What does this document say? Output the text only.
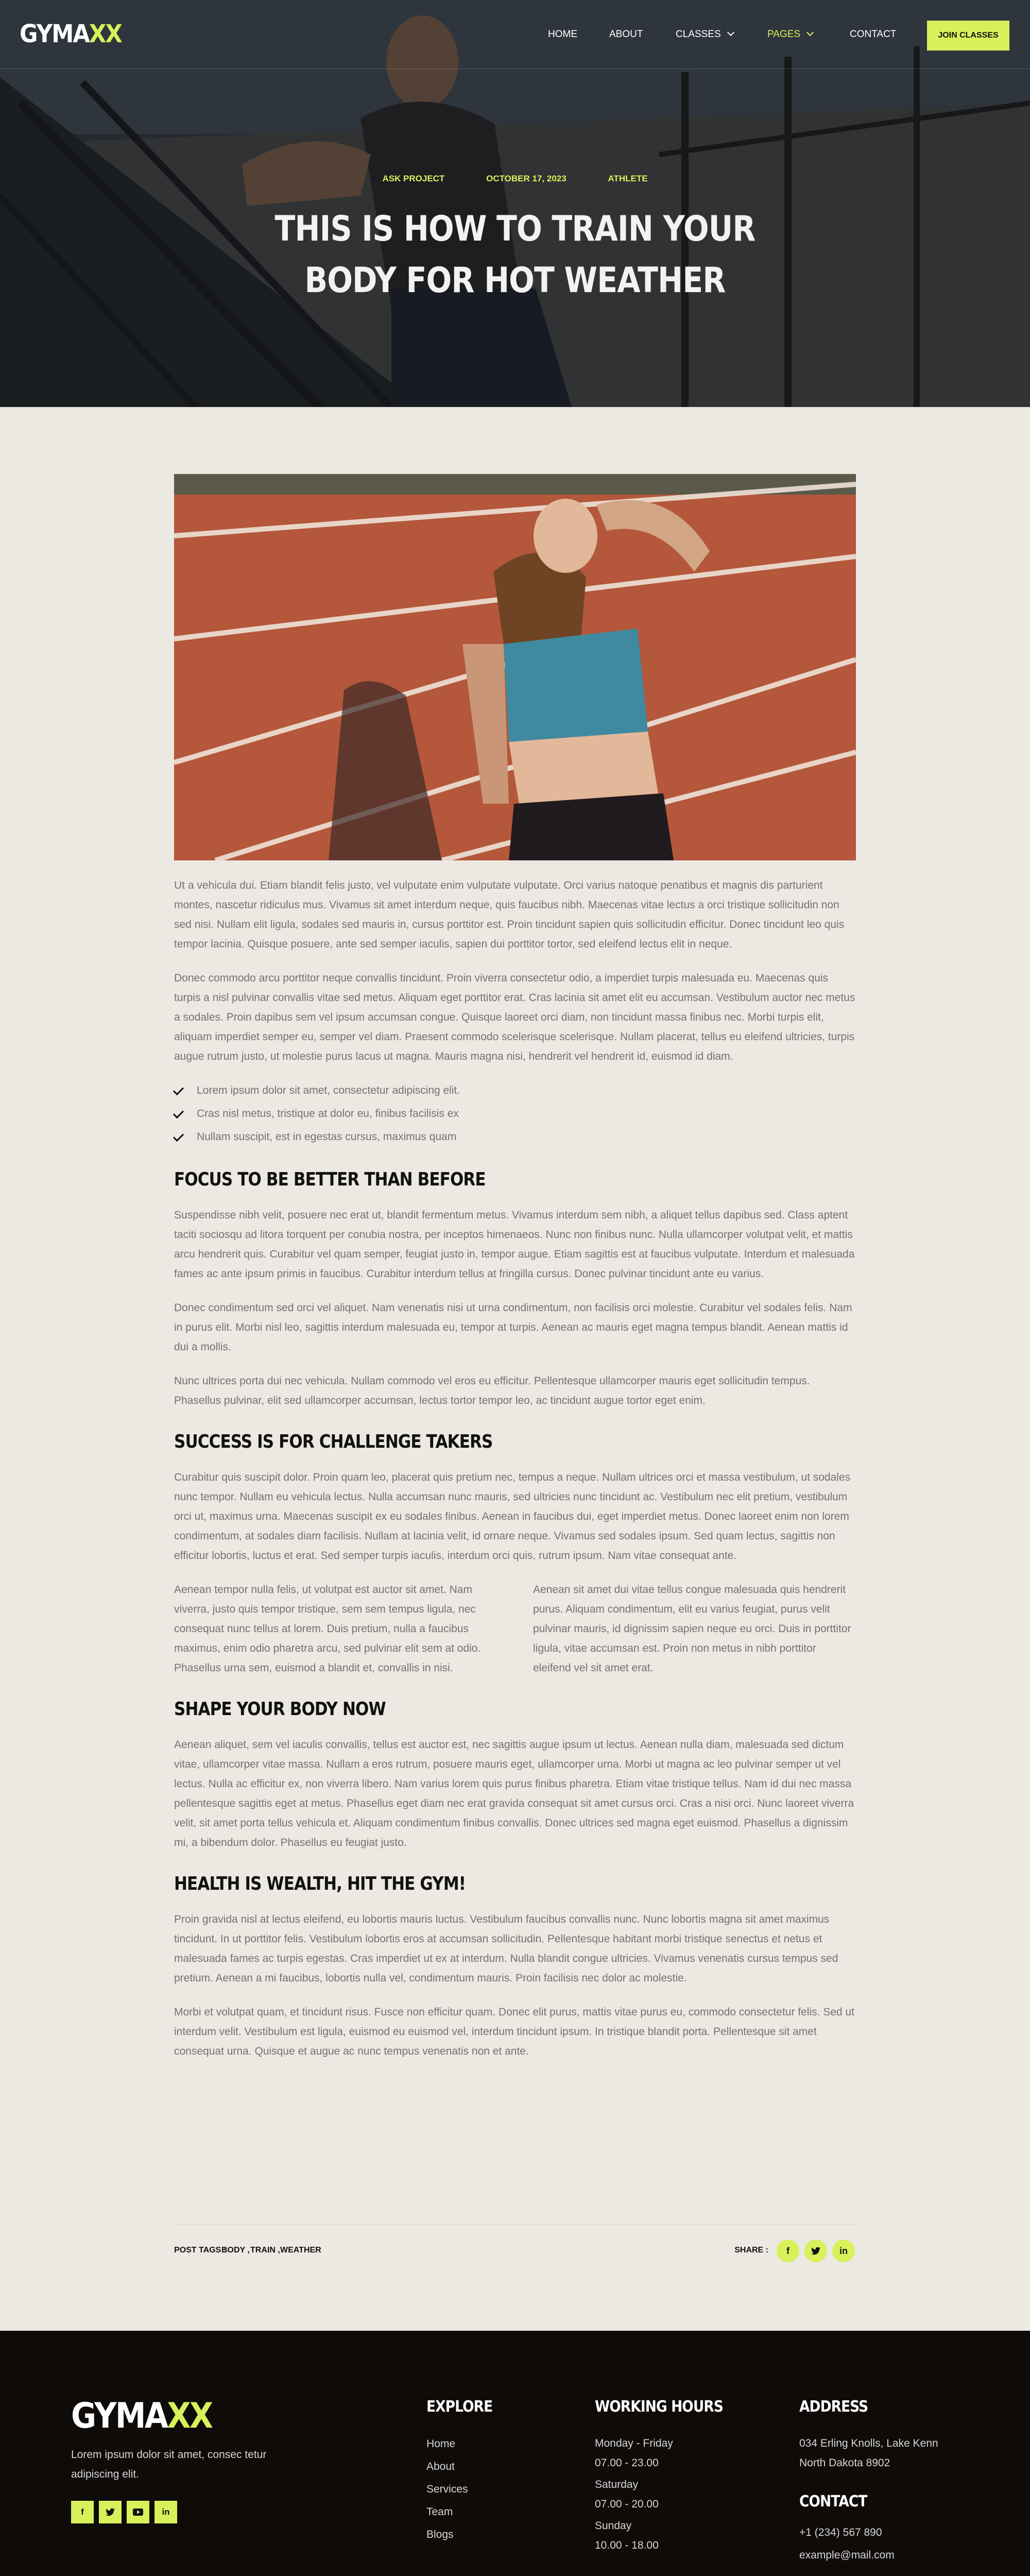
GYMAXX	HOME	ABOUT	CLASSES	PAGES	CONTACT	JOIN CLASSES
ASK PROJECT	OCTOBER 17, 2023	ATHLETE
THIS IS HOW TO TRAIN YOUR BODY FOR HOT WEATHER

Ut a vehicula dui. Etiam blandit felis justo, vel vulputate enim vulputate vulputate. Orci varius natoque penatibus et magnis dis parturient montes, nascetur ridiculus mus. Vivamus sit amet interdum neque, quis faucibus nibh. Maecenas vitae lectus a orci tristique sollicitudin non sed nisi. Nullam elit ligula, sodales sed mauris in, cursus porttitor est. Proin tincidunt sapien quis sollicitudin efficitur. Donec tincidunt leo quis tempor lacinia. Quisque posuere, ante sed semper iaculis, sapien dui porttitor tortor, sed eleifend lectus elit in neque.

Donec commodo arcu porttitor neque convallis tincidunt. Proin viverra consectetur odio, a imperdiet turpis malesuada eu. Maecenas quis turpis a nisl pulvinar convallis vitae sed metus. Aliquam eget porttitor erat. Cras lacinia sit amet elit eu accumsan. Vestibulum auctor nec metus a sodales. Proin dapibus sem vel ipsum accumsan congue. Quisque laoreet orci diam, non tincidunt massa finibus nec. Morbi turpis elit, aliquam imperdiet semper eu, semper vel diam. Praesent commodo scelerisque scelerisque. Nullam placerat, tellus eu eleifend ultricies, turpis augue rutrum justo, ut molestie purus lacus ut magna. Mauris magna nisi, hendrerit vel hendrerit id, euismod id diam.

Lorem ipsum dolor sit amet, consectetur adipiscing elit.
Cras nisl metus, tristique at dolor eu, finibus facilisis ex
Nullam suscipit, est in egestas cursus, maximus quam
FOCUS TO BE BETTER THAN BEFORE

Suspendisse nibh velit, posuere nec erat ut, blandit fermentum metus. Vivamus interdum sem nibh, a aliquet tellus dapibus sed. Class aptent taciti sociosqu ad litora torquent per conubia nostra, per inceptos himenaeos. Nunc non finibus nunc. Nulla ullamcorper volutpat velit, et mattis arcu hendrerit quis. Curabitur vel quam semper, feugiat justo in, tempor augue. Etiam sagittis est at faucibus vulputate. Interdum et malesuada fames ac ante ipsum primis in faucibus. Curabitur interdum tellus at fringilla cursus. Donec pulvinar tincidunt ante eu varius.

Donec condimentum sed orci vel aliquet. Nam venenatis nisi ut urna condimentum, non facilisis orci molestie. Curabitur vel sodales felis. Nam in purus elit. Morbi nisl leo, sagittis interdum malesuada eu, tempor at turpis. Aenean ac mauris eget magna tempus blandit. Aenean mattis id dui a mollis.

Nunc ultrices porta dui nec vehicula. Nullam commodo vel eros eu efficitur. Pellentesque ullamcorper mauris eget sollicitudin tempus. Phasellus pulvinar, elit sed ullamcorper accumsan, lectus tortor tempor leo, ac tincidunt augue tortor eget enim.

SUCCESS IS FOR CHALLENGE TAKERS

Curabitur quis suscipit dolor. Proin quam leo, placerat quis pretium nec, tempus a neque. Nullam ultrices orci et massa vestibulum, ut sodales nunc tempor. Nullam eu vehicula lectus. Nulla accumsan nunc mauris, sed ultricies nunc tincidunt ac. Vestibulum nec elit pretium, vestibulum orci ut, maximus urna. Maecenas suscipit ex eu sodales finibus. Aenean in faucibus dui, eget imperdiet metus. Donec laoreet enim non lorem condimentum, at sodales diam facilisis. Nullam at lacinia velit, id ornare neque. Vivamus sed sodales ipsum. Sed quam lectus, sagittis non efficitur lobortis, luctus et erat. Sed semper turpis iaculis, interdum orci quis, rutrum ipsum. Nam vitae consequat ante.

Aenean tempor nulla felis, ut volutpat est auctor sit amet. Nam viverra, justo quis tempor tristique, sem sem tempus ligula, nec consequat nunc tellus at lorem. Duis pretium, nulla a faucibus maximus, enim odio pharetra arcu, sed pulvinar elit sem at odio. Phasellus urna sem, euismod a blandit et, convallis in nisi.

Aenean sit amet dui vitae tellus congue malesuada quis hendrerit purus. Aliquam condimentum, elit eu varius feugiat, purus velit pulvinar mauris, id dignissim sapien neque eu orci. Duis in porttitor ligula, vitae accumsan est. Proin non metus in nibh porttitor eleifend vel sit amet erat.

SHAPE YOUR BODY NOW

Aenean aliquet, sem vel iaculis convallis, tellus est auctor est, nec sagittis augue ipsum ut lectus. Aenean nulla diam, malesuada sed dictum vitae, ullamcorper vitae massa. Nullam a eros rutrum, posuere mauris eget, ullamcorper urna. Morbi ut magna ac leo pulvinar semper ut vel lectus. Nulla ac efficitur ex, non viverra libero. Nam varius lorem quis purus finibus pharetra. Etiam vitae tristique tellus. Nam id dui nec massa pellentesque sagittis eget at metus. Phasellus eget diam nec erat gravida consequat sit amet cursus orci. Cras a nisi orci. Nunc laoreet viverra velit, sit amet porta tellus vehicula et. Aliquam condimentum finibus convallis. Donec ultrices sed magna eget euismod. Phasellus a dignissim mi, a bibendum dolor. Phasellus eu feugiat justo.

HEALTH IS WEALTH, HIT THE GYM!

Proin gravida nisl at lectus eleifend, eu lobortis mauris luctus. Vestibulum faucibus convallis nunc. Nunc lobortis magna sit amet maximus tincidunt. In ut porttitor felis. Vestibulum lobortis eros at accumsan sollicitudin. Pellentesque habitant morbi tristique senectus et netus et malesuada fames ac turpis egestas. Cras imperdiet ut ex at interdum. Nulla blandit congue ultricies. Vivamus venenatis cursus tempus sed pretium. Aenean a mi faucibus, lobortis nulla vel, condimentum mauris. Proin facilisis nec dolor ac molestie.

Morbi et volutpat quam, et tincidunt risus. Fusce non efficitur quam. Donec elit purus, mattis vitae purus eu, commodo consectetur felis. Sed ut interdum velit. Vestibulum est ligula, euismod eu euismod vel, interdum tincidunt ipsum. In tristique blandit porta. Pellentesque sit amet consequat urna. Quisque et augue ac nunc tempus venenatis non et ante.

POST TAGS :
BODY , TRAIN , WEATHER	SHARE :	f	in
GYMAXX

Lorem ipsum dolor sit amet, consec tetur adipiscing elit.

f	in
EXPLORE
Home
About
Services
Team
Blogs
WORKING HOURS
Monday - Friday
07.00 - 23.00
Saturday
07.00 - 20.00
Sunday
10.00 - 18.00
ADDRESS

034 Erling Knolls, Lake Kenn North Dakota 8902

CONTACT
+1 (234) 567 890
example@mail.com
